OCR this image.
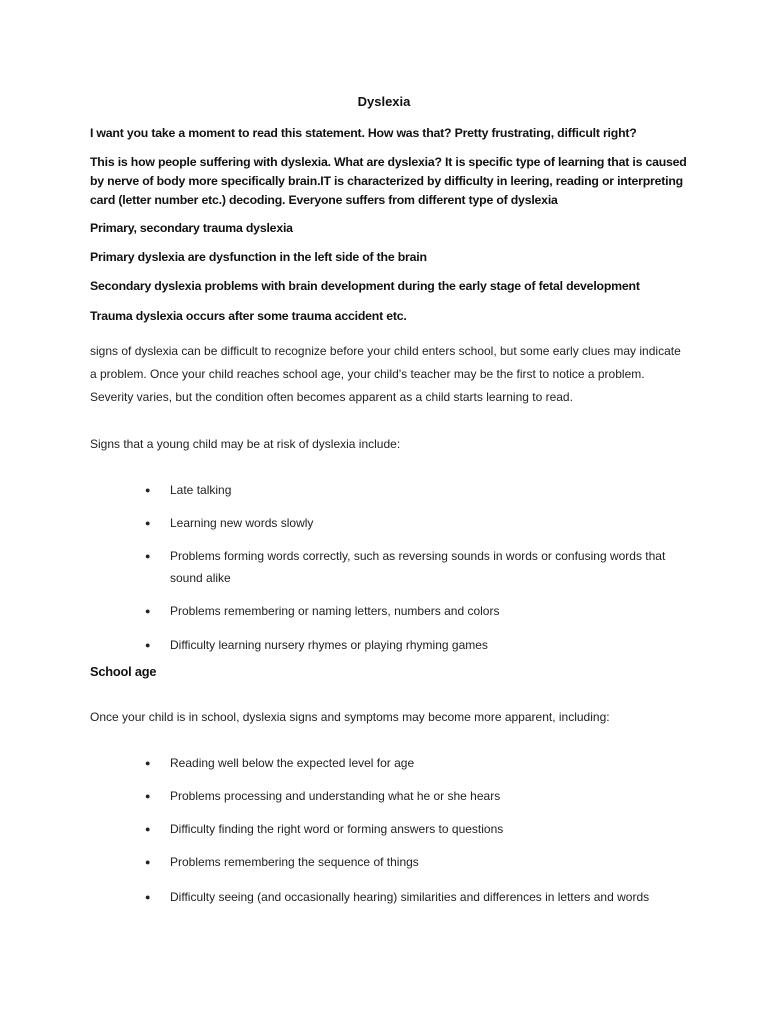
Dyslexia

I want you take a moment to read this statement. How was that? Pretty frustrating, difficult right?

This is how people suffering with dyslexia. What are dyslexia? It is specific type of learning that is caused by nerve of body more specifically brain.IT is characterized by difficulty in leering, reading or interpreting card (letter number etc.) decoding. Everyone suffers from different type of dyslexia

Primary, secondary trauma dyslexia

Primary dyslexia are dysfunction in the left side of the brain

Secondary dyslexia problems with brain development during the early stage of fetal development

Trauma dyslexia occurs after some trauma accident etc.

signs of dyslexia can be difficult to recognize before your child enters school, but some early clues may indicate a problem. Once your child reaches school age, your child's teacher may be the first to notice a problem. Severity varies, but the condition often becomes apparent as a child starts learning to read.

Signs that a young child may be at risk of dyslexia include:

●	Late talking
●	Learning new words slowly
●	Problems forming words correctly, such as reversing sounds in words or confusing words that sound alike
●	Problems remembering or naming letters, numbers and colors
●	Difficulty learning nursery rhymes or playing rhyming games
School age

Once your child is in school, dyslexia signs and symptoms may become more apparent, including:

●	Reading well below the expected level for age
●	Problems processing and understanding what he or she hears
●	Difficulty finding the right word or forming answers to questions
●	Problems remembering the sequence of things
●	Difficulty seeing (and occasionally hearing) similarities and differences in letters and words
